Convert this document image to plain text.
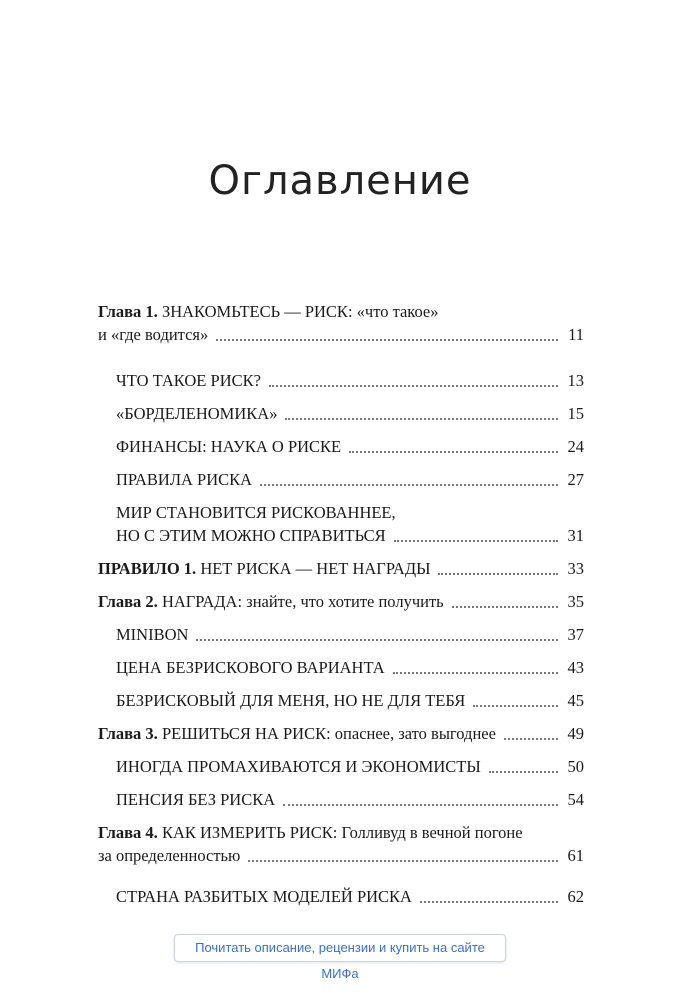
Оглавление
Глава 1. ЗНАКОМЬТЕСЬ — РИСК: «что такое»
и «где водится»	11
ЧТО ТАКОЕ РИСК?	13
«БОРДЕЛЕНОМИКА»	15
ФИНАНСЫ: НАУКА О РИСКЕ	24
ПРАВИЛА РИСКА	27
МИР СТАНОВИТСЯ РИСКОВАННЕЕ,
НО С ЭТИМ МОЖНО СПРАВИТЬСЯ	31
ПРАВИЛО 1. НЕТ РИСКА — НЕТ НАГРАДЫ	33
Глава 2. НАГРАДА: знайте, что хотите получить	35
MINIBON	37
ЦЕНА БЕЗРИСКОВОГО ВАРИАНТА	43
БЕЗРИСКОВЫЙ ДЛЯ МЕНЯ, НО НЕ ДЛЯ ТЕБЯ	45
Глава 3. РЕШИТЬСЯ НА РИСК: опаснее, зато выгоднее	49
ИНОГДА ПРОМАХИВАЮТСЯ И ЭКОНОМИСТЫ	50
ПЕНСИЯ БЕЗ РИСКА	54
Глава 4. КАК ИЗМЕРИТЬ РИСК: Голливуд в вечной погоне
за определенностью	61
СТРАНА РАЗБИТЫХ МОДЕЛЕЙ РИСКА	62
Почитать описание, рецензии и купить на сайте МИФа
